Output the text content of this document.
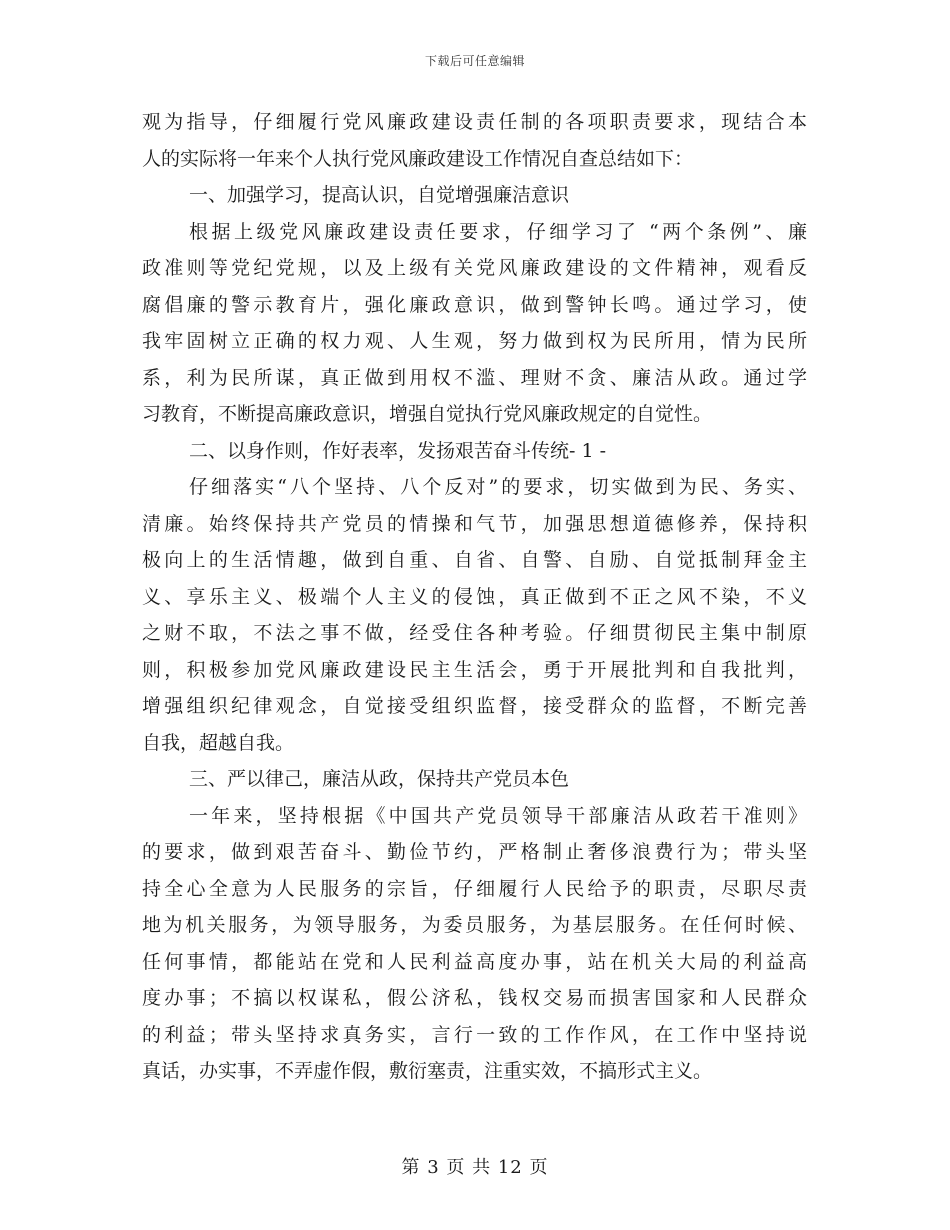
下载后可任意编辑
观为指导，仔细履行党风廉政建设责任制的各项职责要求，现结合本
人的实际将一年来个人执行党风廉政建设工作情况自查总结如下：
一、加强学习，提高认识，自觉增强廉洁意识
根据上级党风廉政建设责任要求，仔细学习了 “两个条例”、廉
政准则等党纪党规，以及上级有关党风廉政建设的文件精神，观看反
腐倡廉的警示教育片，强化廉政意识，做到警钟长鸣。通过学习，使
我牢固树立正确的权力观、人生观，努力做到权为民所用，情为民所
系，利为民所谋，真正做到用权不滥、理财不贪、廉洁从政。通过学
习教育，不断提高廉政意识，增强自觉执行党风廉政规定的自觉性。
二、以身作则，作好表率，发扬艰苦奋斗传统- 1 -
仔细落实“八个坚持、八个反对”的要求，切实做到为民、务实、
清廉。始终保持共产党员的情操和气节，加强思想道德修养，保持积
极向上的生活情趣，做到自重、自省、自警、自励、自觉抵制拜金主
义、享乐主义、极端个人主义的侵蚀，真正做到不正之风不染，不义
之财不取，不法之事不做，经受住各种考验。仔细贯彻民主集中制原
则，积极参加党风廉政建设民主生活会，勇于开展批判和自我批判，
增强组织纪律观念，自觉接受组织监督，接受群众的监督，不断完善
自我，超越自我。
三、严以律己，廉洁从政，保持共产党员本色
一年来，坚持根据《中国共产党员领导干部廉洁从政若干准则》
的要求，做到艰苦奋斗、勤俭节约，严格制止奢侈浪费行为；带头坚
持全心全意为人民服务的宗旨，仔细履行人民给予的职责，尽职尽责
地为机关服务，为领导服务，为委员服务，为基层服务。在任何时候、
任何事情，都能站在党和人民利益高度办事，站在机关大局的利益高
度办事；不搞以权谋私，假公济私，钱权交易而损害国家和人民群众
的利益；带头坚持求真务实，言行一致的工作作风，在工作中坚持说
真话，办实事，不弄虚作假，敷衍塞责，注重实效，不搞形式主义。
第 3 页 共 12 页
